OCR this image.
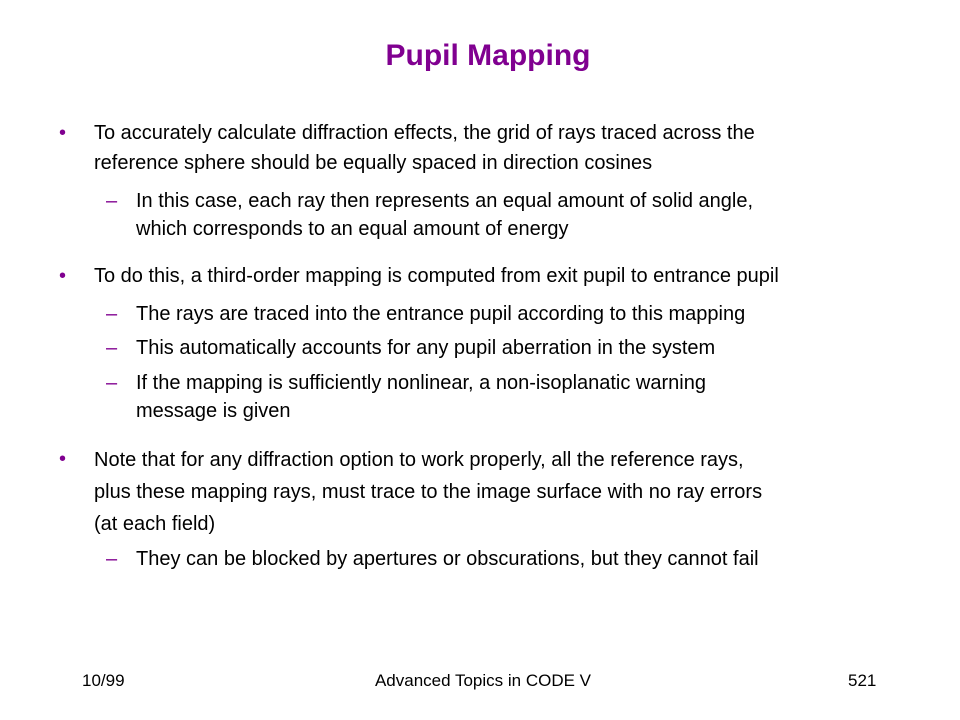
Pupil Mapping
• To accurately calculate diffraction effects, the grid of rays traced across the
reference sphere should be equally spaced in direction cosines
– In this case, each ray then represents an equal amount of solid angle,
which corresponds to an equal amount of energy
• To do this, a third-order mapping is computed from exit pupil to entrance pupil
– The rays are traced into the entrance pupil according to this mapping
– This automatically accounts for any pupil aberration in the system
– If the mapping is sufficiently nonlinear, a non-isoplanatic warning
message is given
• Note that for any diffraction option to work properly, all the reference rays,
plus these mapping rays, must trace to the image surface with no ray errors
(at each field)
– They can be blocked by apertures or obscurations, but they cannot fail
10/99	Advanced Topics in CODE V	521
